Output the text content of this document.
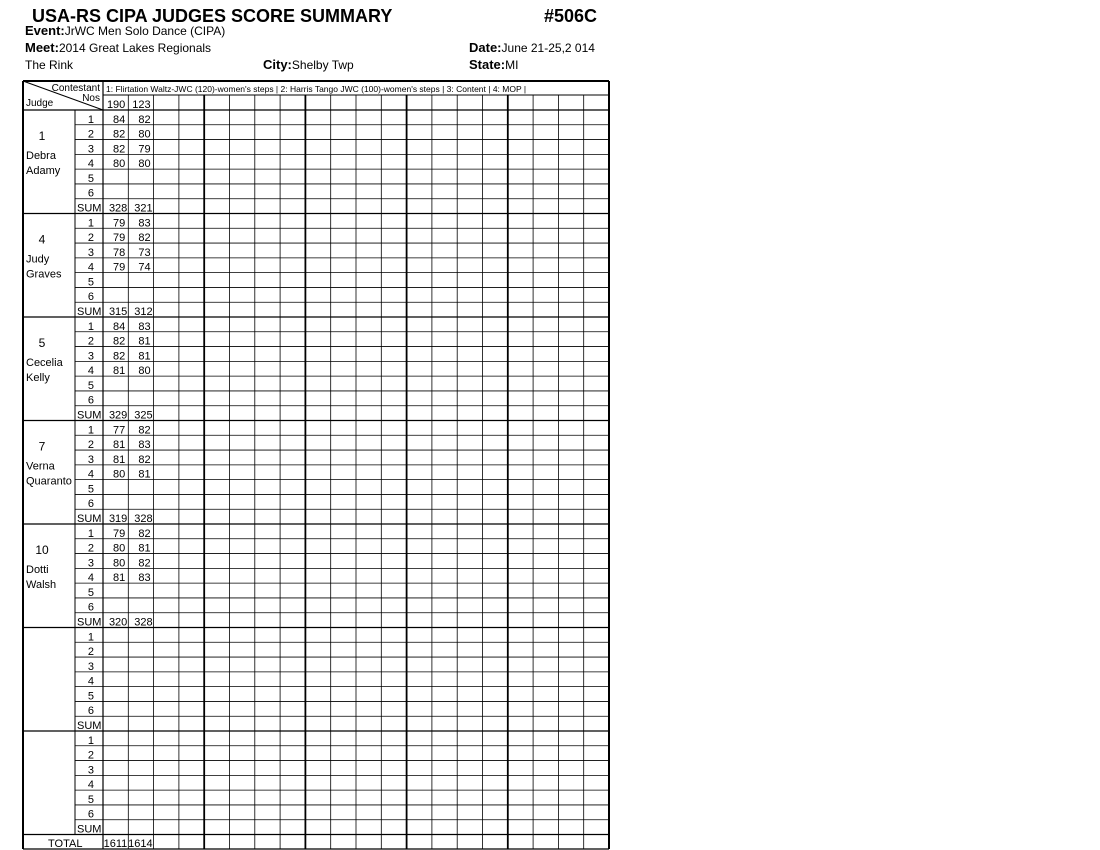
USA-RS CIPA JUDGES SCORE SUMMARY	#506C
Event:JrWC Men Solo Dance (CIPA)
Meet:2014 Great Lakes Regionals	Date:June 21-25,2 014
The Rink	City:Shelby Twp	State:MI
Contestant
Nos
Judge
1: Flirtation Waltz-JWC (120)-women's steps | 2: Harris Tango JWC (100)-women's steps | 3: Content | 4: MOP |
190 123
1
Debra
Adamy
1 84 82
2 82 80
3 82 79
4 80 80
5
6
SUM 328 321
4
Judy
Graves
1 79 83
2 79 82
3 78 73
4 79 74
5
6
SUM 315 312
5
Cecelia
Kelly
1 84 83
2 82 81
3 82 81
4 81 80
5
6
SUM 329 325
7
Verna
Quaranto
1 77 82
2 81 83
3 81 82
4 80 81
5
6
SUM 319 328
10
Dotti
Walsh
1 79 82
2 80 81
3 80 82
4 81 83
5
6
SUM 320 328
1
2
3
4
5
6
SUM
1
2
3
4
5
6
SUM
TOTAL 1611 1614
